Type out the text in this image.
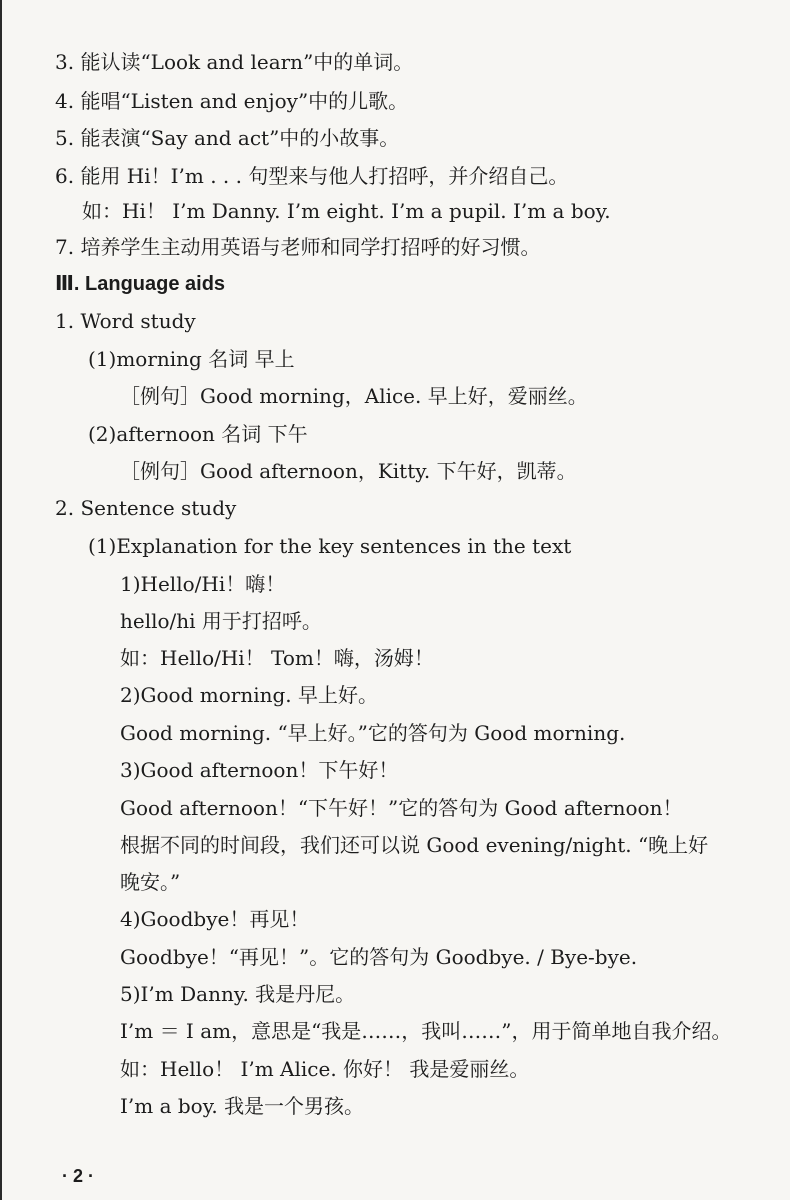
3. 能认读“Look and learn”中的单词。
4. 能唱“Listen and enjoy”中的儿歌。
5. 能表演“Say and act”中的小故事。
6. 能用 Hi！I’m . . . 句型来与他人打招呼，并介绍自己。
如：Hi！ I’m Danny. I’m eight. I’m a pupil. I’m a boy.
7. 培养学生主动用英语与老师和同学打招呼的好习惯。
Ⅲ. Language aids
1. Word study
(1)morning 名词 早上
［例句］Good morning，Alice. 早上好，爱丽丝。
(2)afternoon 名词 下午
［例句］Good afternoon，Kitty. 下午好，凯蒂。
2. Sentence study
(1)Explanation for the key sentences in the text
1)Hello/Hi！嗨！
hello/hi 用于打招呼。
如：Hello/Hi！ Tom！嗨，汤姆！
2)Good morning. 早上好。
Good morning. “早上好。”它的答句为 Good morning.
3)Good afternoon！下午好！
Good afternoon！“下午好！”它的答句为 Good afternoon！
根据不同的时间段，我们还可以说 Good evening/night. “晚上好
晚安。”
4)Goodbye！再见！
Goodbye！“再见！”。它的答句为 Goodbye. / Bye-bye.
5)I’m Danny. 我是丹尼。
I’m ＝ I am，意思是“我是……，我叫……”，用于简单地自我介绍。
如：Hello！ I’m Alice. 你好！ 我是爱丽丝。
I’m a boy. 我是一个男孩。
· 2 ·
